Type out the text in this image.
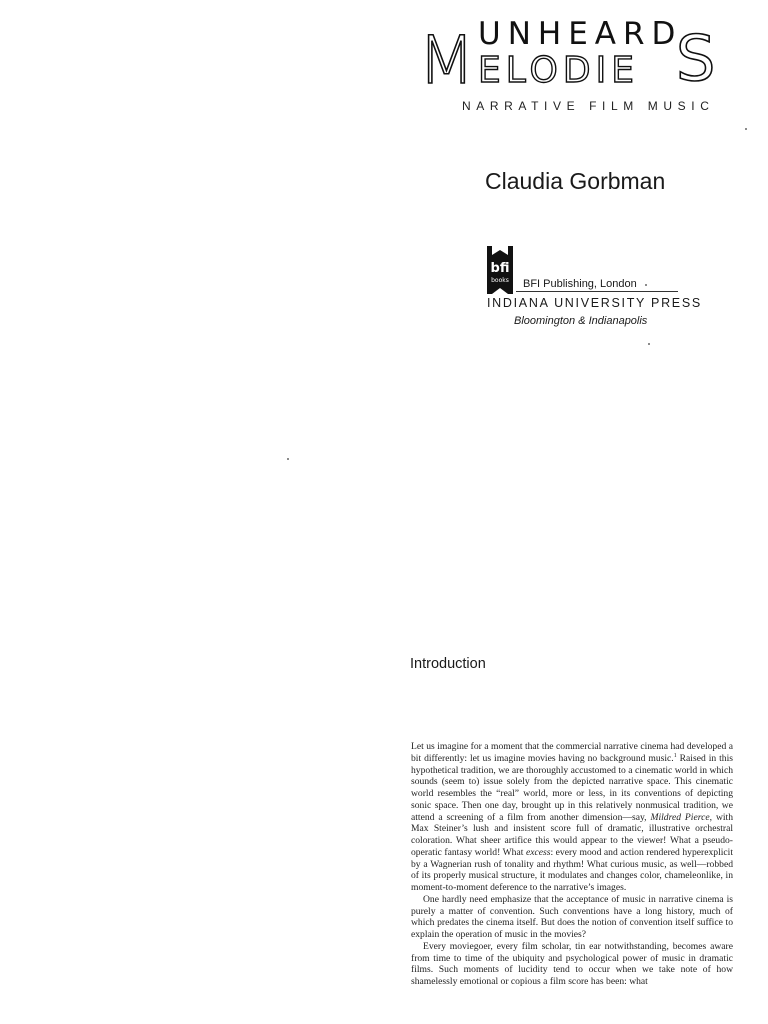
M UNHEARD
ELODIE S
NARRATIVE FILM MUSIC
Claudia Gorbman
bfi
books BFI Publishing, London
INDIANA UNIVERSITY PRESS
Bloomington & Indianapolis
Introduction

Let us imagine for a moment that the commercial narrative cinema had developed a bit differently: let us imagine movies having no background music.$^1$ Raised in this hypothetical tradition, we are thoroughly accustomed to a cinematic world in which sounds (seem to) issue solely from the depicted narrative space. This cinematic world resembles the “real” world, more or less, in its conventions of depicting sonic space. Then one day, brought up in this relatively nonmusical tradition, we attend a screening of a film from another dimension—say, Mildred Pierce, with Max Steiner’s lush and insistent score full of dramatic, illustrative orchestral coloration. What sheer artifice this would appear to the viewer! What a pseudo-operatic fantasy world! What excess: every mood and action rendered hyperexplicit by a Wagnerian rush of tonality and rhythm! What curious music, as well—robbed of its properly musical structure, it modulates and changes color, chameleonlike, in moment-to-moment deference to the narrative’s images.

One hardly need emphasize that the acceptance of music in narrative cinema is purely a matter of convention. Such conventions have a long history, much of which predates the cinema itself. But does the notion of convention itself suffice to explain the operation of music in the movies?

Every moviegoer, every film scholar, tin ear notwithstanding, becomes aware from time to time of the ubiquity and psychological power of music in dramatic films. Such moments of lucidity tend to occur when we take note of how shamelessly emotional or copious a film score has been: what
